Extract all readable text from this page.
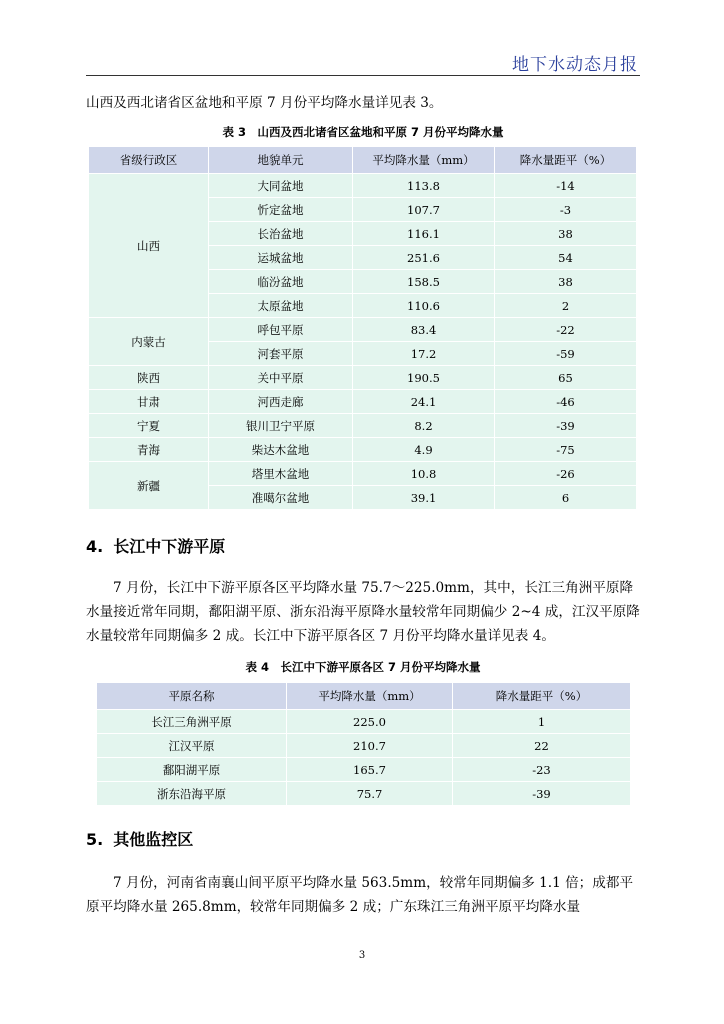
地下水动态月报

山西及西北诸省区盆地和平原 7 月份平均降水量详见表 3。

表 3　山西及西北诸省区盆地和平原 7 月份平均降水量
省级行政区	地貌单元	平均降水量（mm）	降水量距平（%）
山西	大同盆地	113.8	-14
	忻定盆地	107.7	-3
	长治盆地	116.1	38
	运城盆地	251.6	54
	临汾盆地	158.5	38
	太原盆地	110.6	2
内蒙古	呼包平原	83.4	-22
	河套平原	17.2	-59
陕西	关中平原	190.5	65
甘肃	河西走廊	24.1	-46
宁夏	银川卫宁平原	8.2	-39
青海	柴达木盆地	4.9	-75
新疆	塔里木盆地	10.8	-26
	准噶尔盆地	39.1	6
4. 长江中下游平原

7 月份，长江中下游平原各区平均降水量 75.7～225.0mm，其中，长江三角洲平原降水量接近常年同期，鄱阳湖平原、浙东沿海平原降水量较常年同期偏少 2~4 成，江汉平原降水量较常年同期偏多 2 成。长江中下游平原各区 7 月份平均降水量详见表 4。

表 4　长江中下游平原各区 7 月份平均降水量
平原名称	平均降水量（mm）	降水量距平（%）
长江三角洲平原	225.0	1
江汉平原	210.7	22
鄱阳湖平原	165.7	-23
浙东沿海平原	75.7	-39
5. 其他监控区

7 月份，河南省南襄山间平原平均降水量 563.5mm，较常年同期偏多 1.1 倍；成都平原平均降水量 265.8mm，较常年同期偏多 2 成；广东珠江三角洲平原平均降水量

3
